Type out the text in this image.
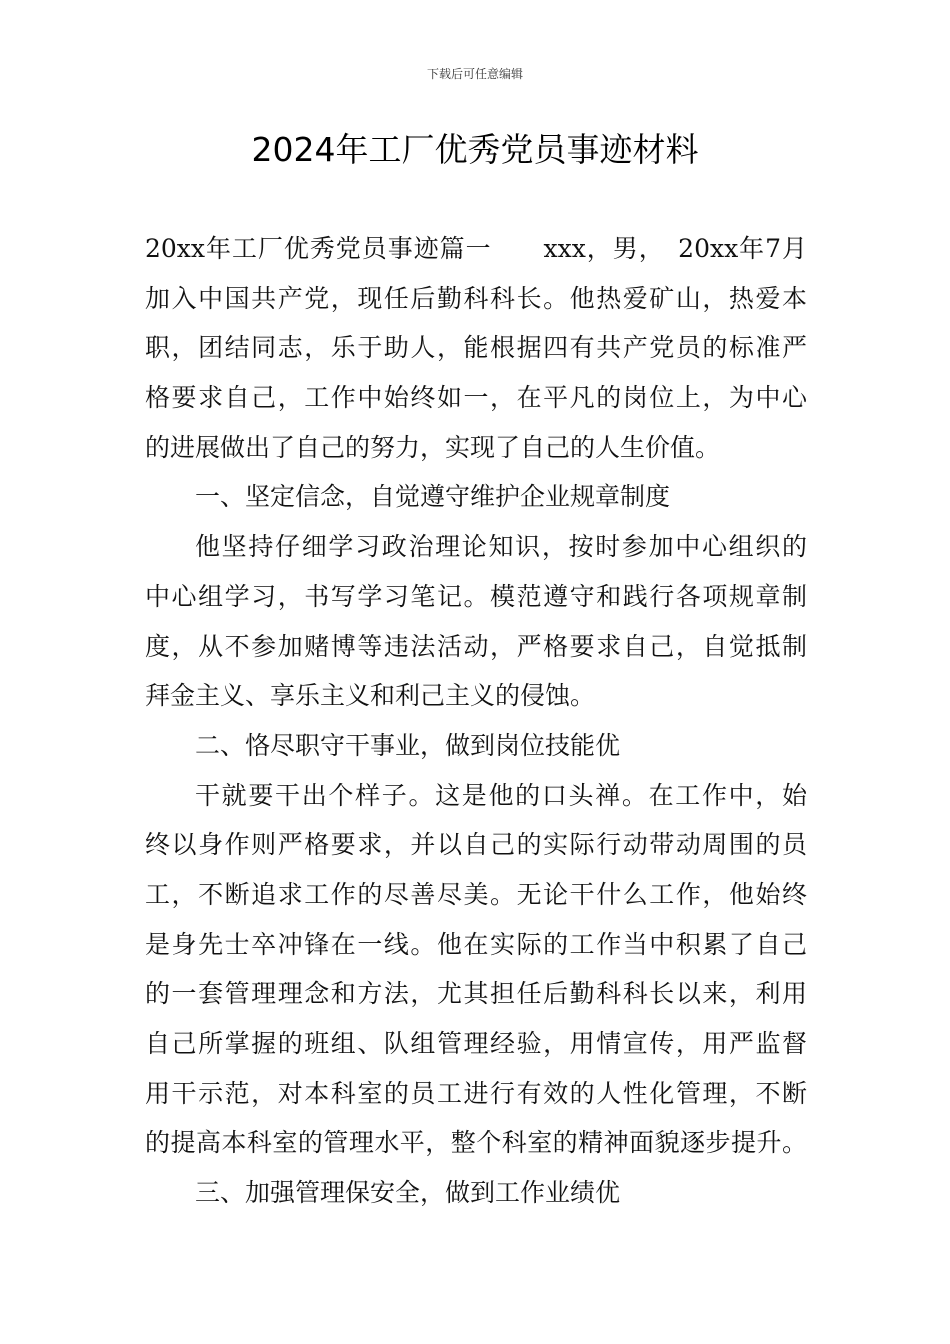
下载后可任意编辑
2024年工厂优秀党员事迹材料
20xx年工厂优秀党员事迹篇一　　xxx，男，　20xx年7月
加入中国共产党，现任后勤科科长。他热爱矿山，热爱本
职，团结同志，乐于助人，能根据四有共产党员的标准严
格要求自己，工作中始终如一，在平凡的岗位上，为中心
的进展做出了自己的努力，实现了自己的人生价值。
一、坚定信念，自觉遵守维护企业规章制度
他坚持仔细学习政治理论知识，按时参加中心组织的
中心组学习，书写学习笔记。模范遵守和践行各项规章制
度，从不参加赌博等违法活动，严格要求自己，自觉抵制
拜金主义、享乐主义和利己主义的侵蚀。
二、恪尽职守干事业，做到岗位技能优
干就要干出个样子。这是他的口头禅。在工作中，始
终以身作则严格要求，并以自己的实际行动带动周围的员
工，不断追求工作的尽善尽美。无论干什么工作，他始终
是身先士卒冲锋在一线。他在实际的工作当中积累了自己
的一套管理理念和方法，尤其担任后勤科科长以来，利用
自己所掌握的班组、队组管理经验，用情宣传，用严监督
用干示范，对本科室的员工进行有效的人性化管理，不断
的提高本科室的管理水平，整个科室的精神面貌逐步提升。
三、加强管理保安全，做到工作业绩优
